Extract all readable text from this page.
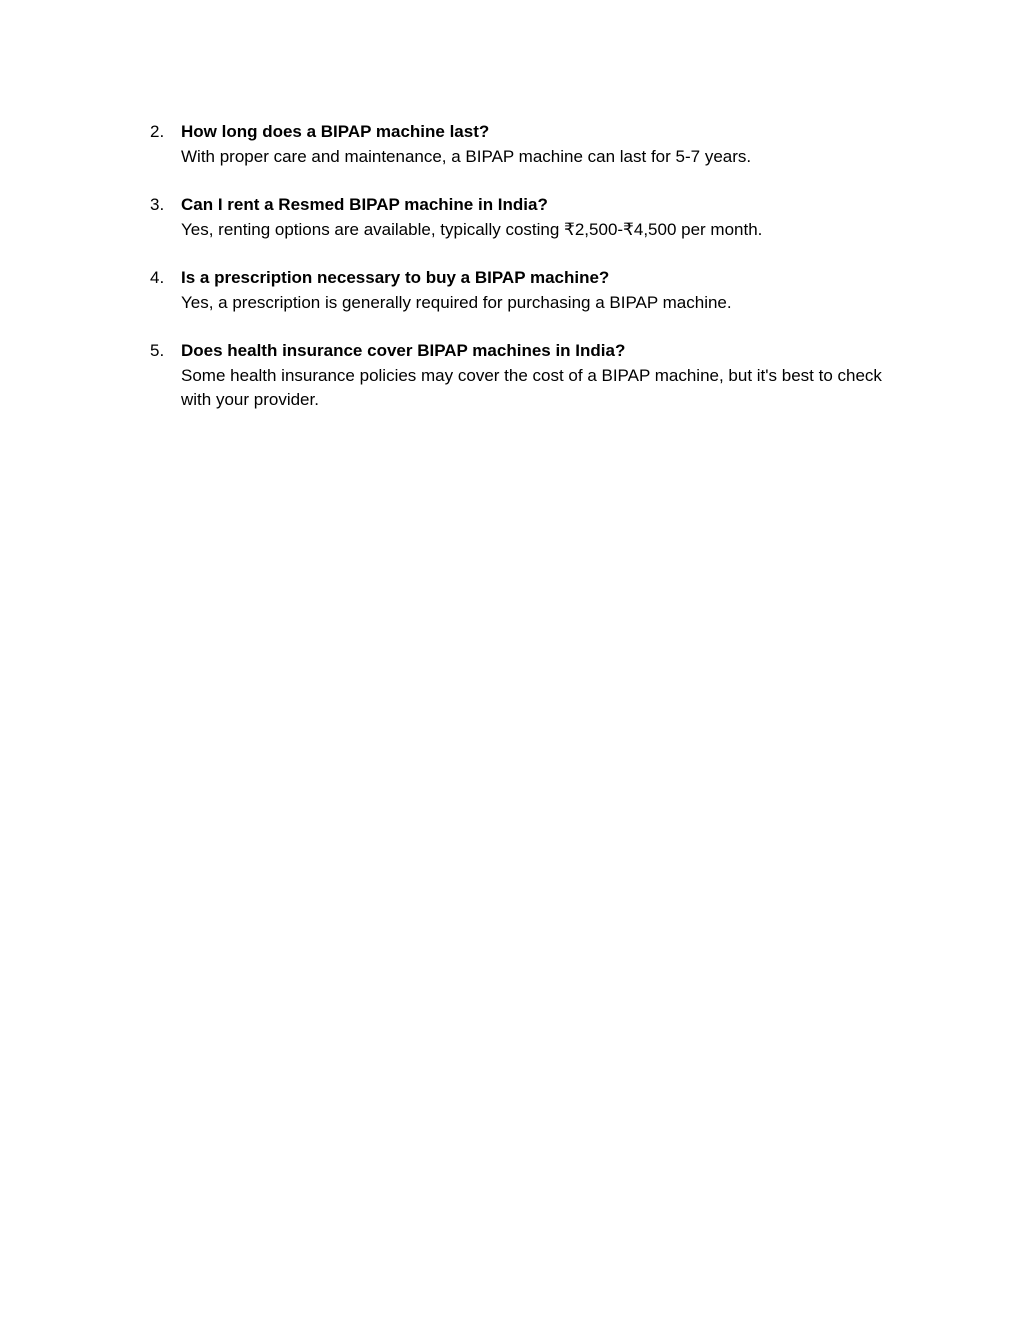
2. How long does a BIPAP machine last?
With proper care and maintenance, a BIPAP machine can last for 5-7 years.
3. Can I rent a Resmed BIPAP machine in India?
Yes, renting options are available, typically costing ₹2,500-₹4,500 per month.
4. Is a prescription necessary to buy a BIPAP machine?
Yes, a prescription is generally required for purchasing a BIPAP machine.
5. Does health insurance cover BIPAP machines in India?
Some health insurance policies may cover the cost of a BIPAP machine, but it's best to check with your provider.
